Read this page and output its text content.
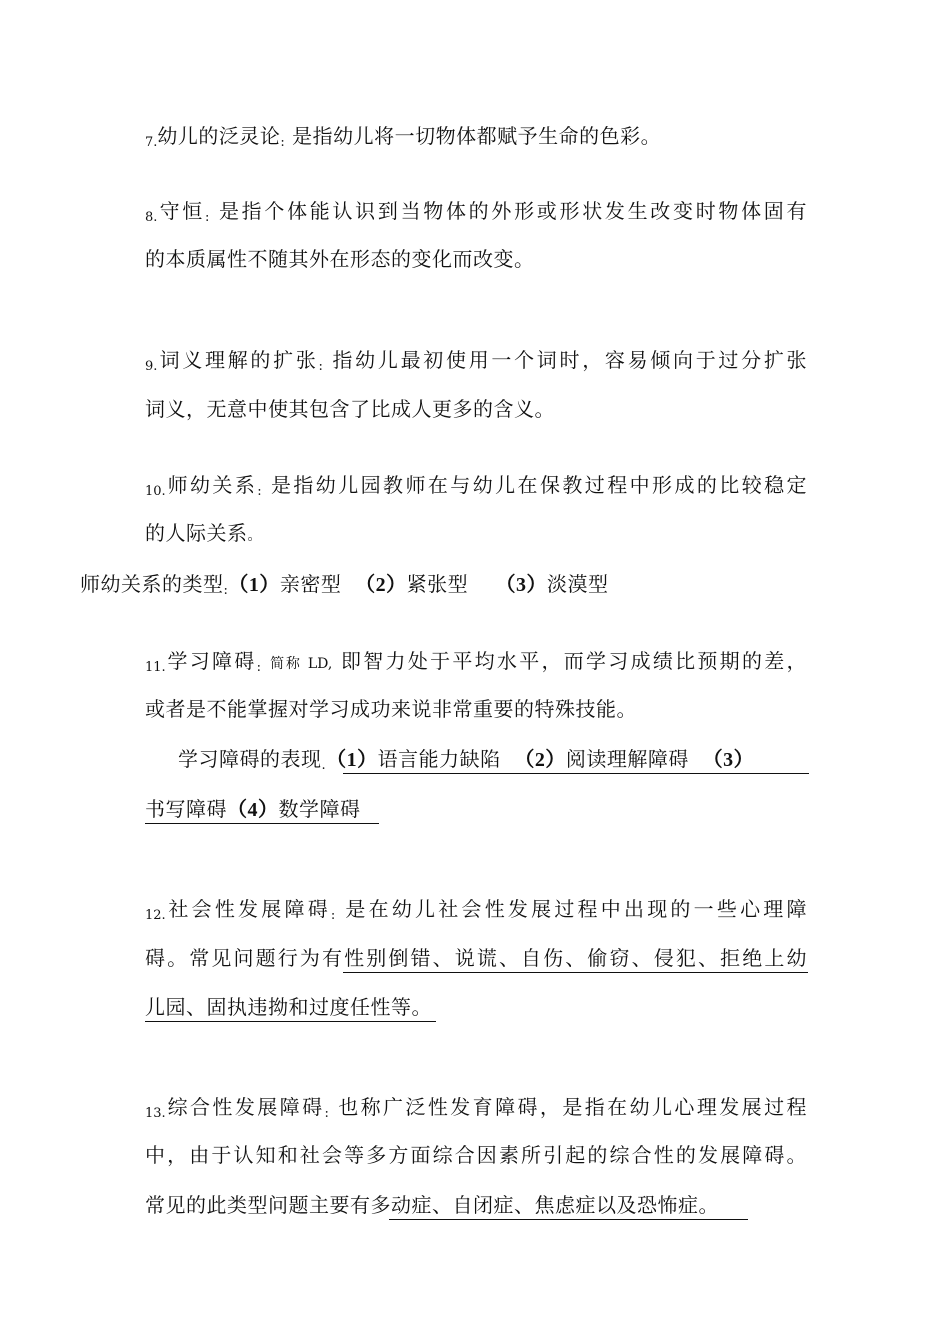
7.幼儿的泛灵论: 是指幼儿将一切物体都赋予生命的色彩。
8.守恒: 是指个体能认识到当物体的外形或形状发生改变时物体固有
的本质属性不随其外在形态的变化而改变。
9.词义理解的扩张: 指幼儿最初使用一个词时，容易倾向于过分扩张
词义，无意中使其包含了比成人更多的含义。
10.师幼关系: 是指幼儿园教师在与幼儿在保教过程中形成的比较稳定
的人际关系。
师幼关系的类型:（1）亲密型 （2）紧张型 （3）淡漠型
11.学习障碍: 简称 LD, 即智力处于平均水平，而学习成绩比预期的差，
或者是不能掌握对学习成功来说非常重要的特殊技能。
学习障碍的表现.（1）语言能力缺陷 （2）阅读理解障碍 （3）
书写障碍（4）数学障碍
12.社会性发展障碍: 是在幼儿社会性发展过程中出现的一些心理障
碍。常见问题行为有性别倒错、说谎、自伤、偷窃、侵犯、拒绝上幼
儿园、固执违拗和过度任性等。
13.综合性发展障碍: 也称广泛性发育障碍，是指在幼儿心理发展过程
中，由于认知和社会等多方面综合因素所引起的综合性的发展障碍。
常见的此类型问题主要有多动症、自闭症、焦虑症以及恐怖症。
